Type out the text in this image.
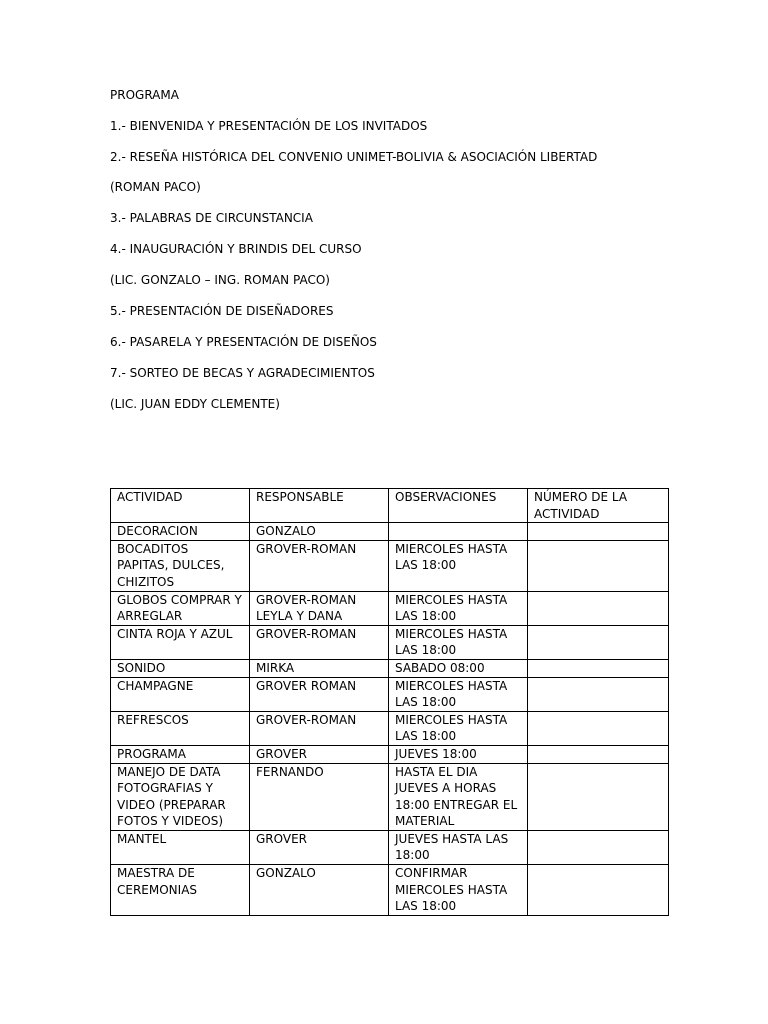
PROGRAMA
1.- BIENVENIDA Y PRESENTACIÓN DE LOS INVITADOS
2.- RESEÑA HISTÓRICA DEL CONVENIO UNIMET-BOLIVIA & ASOCIACIÓN LIBERTAD
(ROMAN PACO)
3.- PALABRAS DE CIRCUNSTANCIA
4.- INAUGURACIÓN Y BRINDIS DEL CURSO
(LIC. GONZALO – ING. ROMAN PACO)
5.- PRESENTACIÓN DE DISEÑADORES
6.- PASARELA Y PRESENTACIÓN DE DISEÑOS
7.- SORTEO DE BECAS Y AGRADECIMIENTOS
(LIC. JUAN EDDY CLEMENTE)
ACTIVIDAD	RESPONSABLE	OBSERVACIONES	NÚMERO DE LA ACTIVIDAD
DECORACION	GONZALO		
BOCADITOS PAPITAS, DULCES, CHIZITOS	GROVER-ROMAN	MIERCOLES HASTA LAS 18:00	
GLOBOS COMPRAR Y ARREGLAR	GROVER-ROMAN LEYLA Y DANA	MIERCOLES HASTA LAS 18:00	
CINTA ROJA Y AZUL	GROVER-ROMAN	MIERCOLES HASTA LAS 18:00	
SONIDO	MIRKA	SABADO 08:00	
CHAMPAGNE	GROVER ROMAN	MIERCOLES HASTA LAS 18:00	
REFRESCOS	GROVER-ROMAN	MIERCOLES HASTA LAS 18:00	
PROGRAMA	GROVER	JUEVES 18:00	
MANEJO DE DATA FOTOGRAFIAS Y VIDEO (PREPARAR FOTOS Y VIDEOS)	FERNANDO	HASTA EL DIA JUEVES A HORAS 18:00 ENTREGAR EL MATERIAL	
MANTEL	GROVER	JUEVES HASTA LAS 18:00	
MAESTRA DE CEREMONIAS	GONZALO	CONFIRMAR MIERCOLES HASTA LAS 18:00	
